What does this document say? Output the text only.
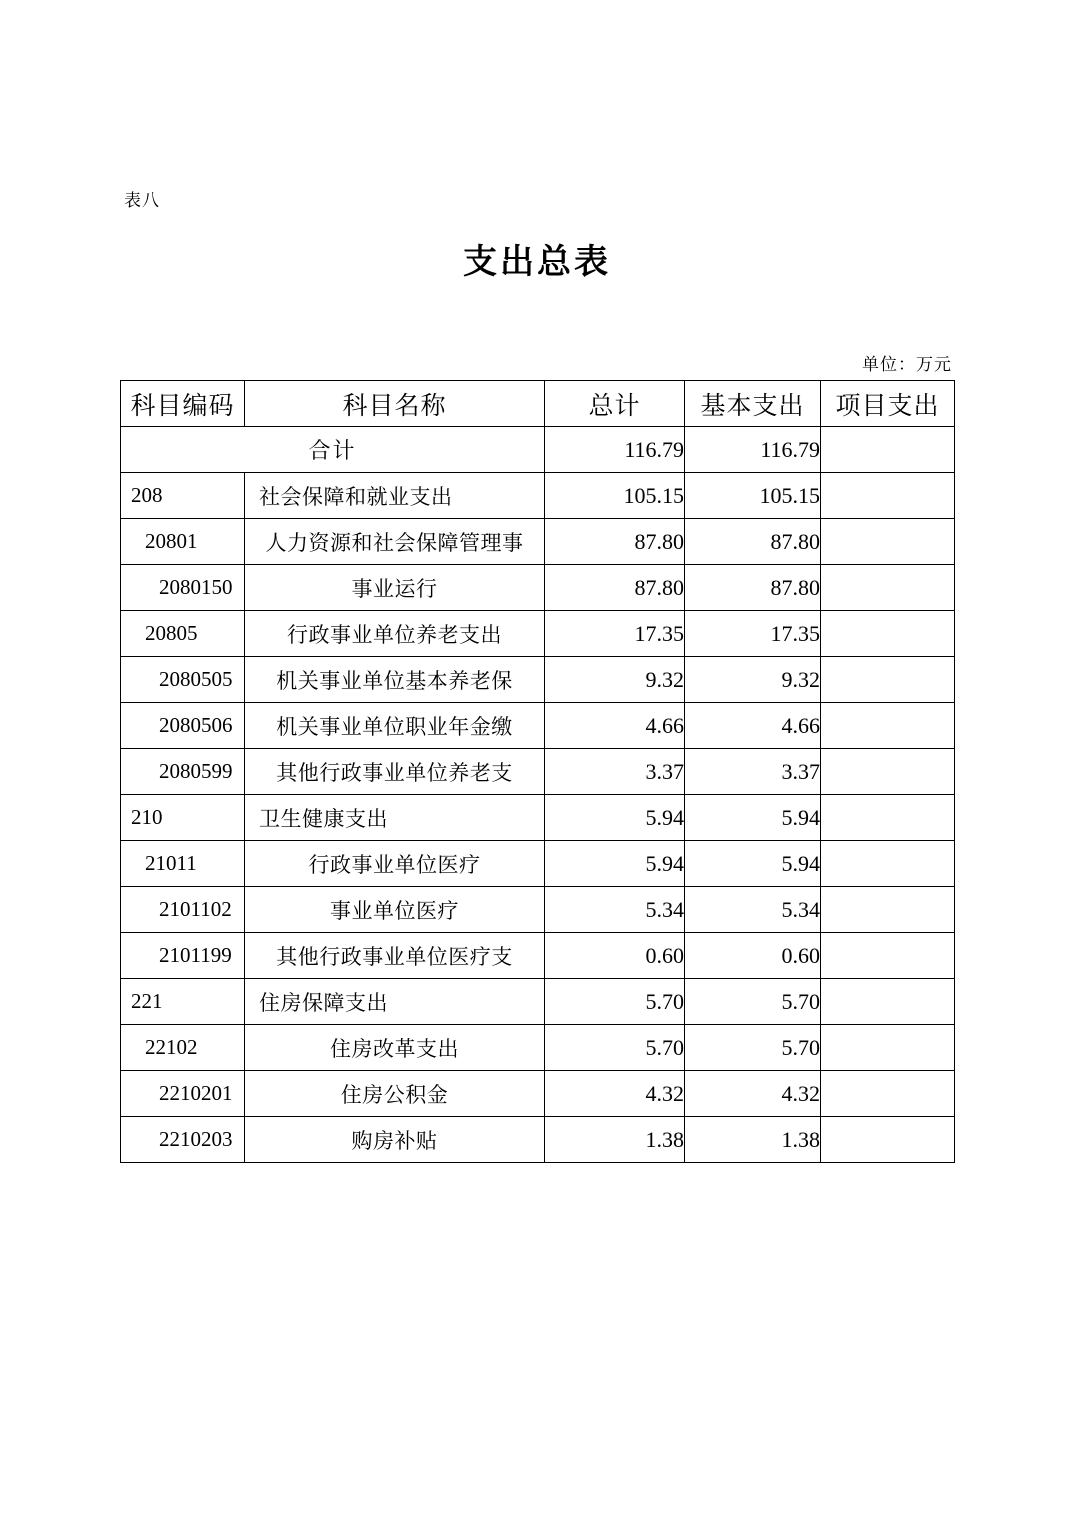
表八
支出总表
单位：万元
科目编码	科目名称	总计	基本支出	项目支出
合计		116.79	116.79	
208	社会保障和就业支出	105.15	105.15	
20801	人力资源和社会保障管理事	87.80	87.80	
2080150	事业运行	87.80	87.80	
20805	行政事业单位养老支出	17.35	17.35	
2080505	机关事业单位基本养老保	9.32	9.32	
2080506	机关事业单位职业年金缴	4.66	4.66	
2080599	其他行政事业单位养老支	3.37	3.37	
210	卫生健康支出	5.94	5.94	
21011	行政事业单位医疗	5.94	5.94	
2101102	事业单位医疗	5.34	5.34	
2101199	其他行政事业单位医疗支	0.60	0.60	
221	住房保障支出	5.70	5.70	
22102	住房改革支出	5.70	5.70	
2210201	住房公积金	4.32	4.32	
2210203	购房补贴	1.38	1.38	
